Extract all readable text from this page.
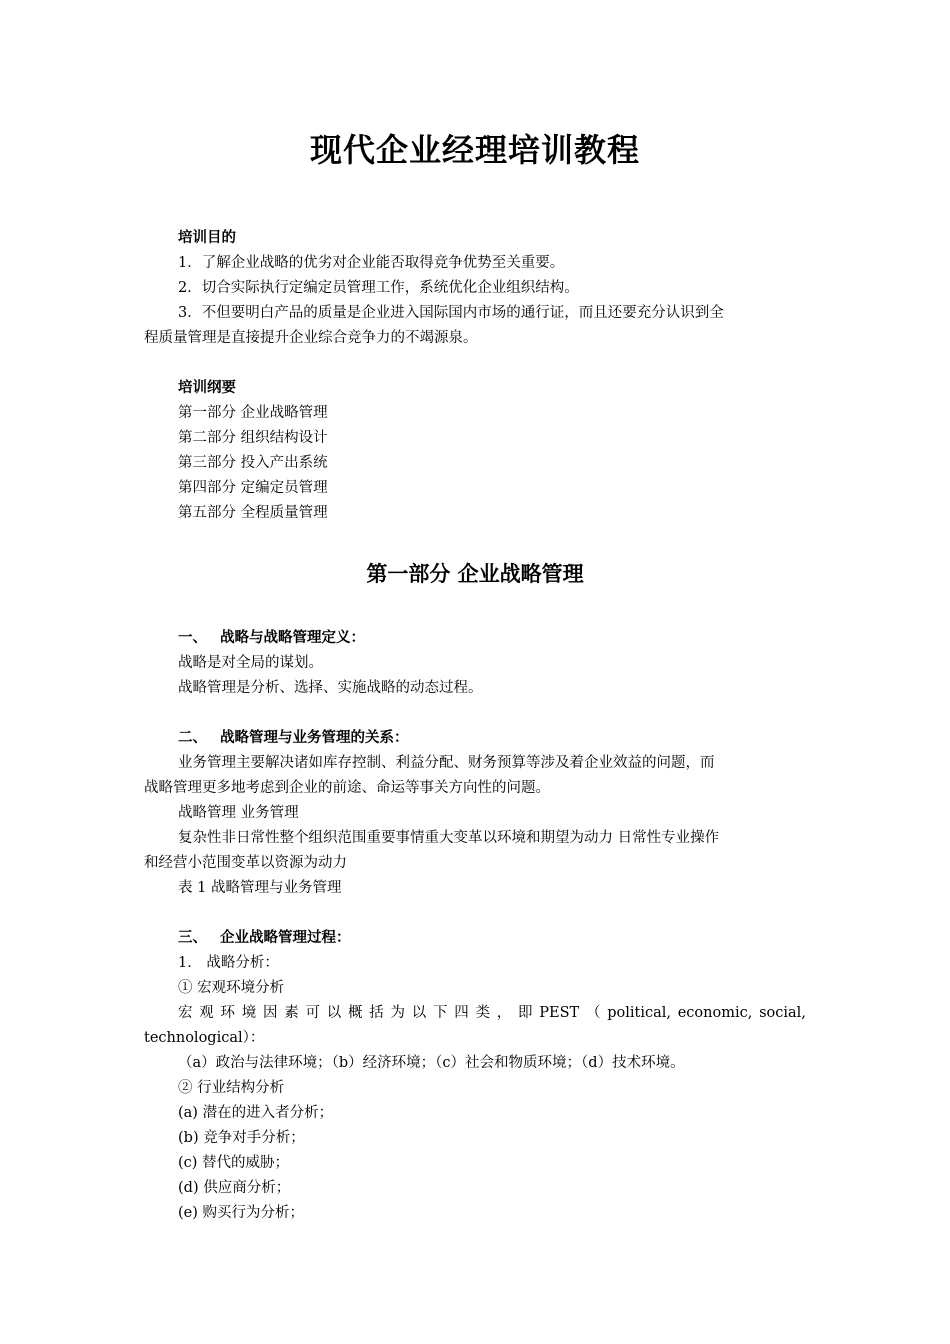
现代企业经理培训教程
培训目的
1．了解企业战略的优劣对企业能否取得竞争优势至关重要。
2．切合实际执行定编定员管理工作，系统优化企业组织结构。
3．不但要明白产品的质量是企业进入国际国内市场的通行证，而且还要充分认识到全
程质量管理是直接提升企业综合竞争力的不竭源泉。
培训纲要
第一部分 企业战略管理
第二部分 组织结构设计
第三部分 投入产出系统
第四部分 定编定员管理
第五部分 全程质量管理
第一部分 企业战略管理
一、 战略与战略管理定义：
战略是对全局的谋划。
战略管理是分析、选择、实施战略的动态过程。
二、 战略管理与业务管理的关系：
业务管理主要解决诸如库存控制、利益分配、财务预算等涉及着企业效益的问题，而
战略管理更多地考虑到企业的前途、命运等事关方向性的问题。
战略管理 业务管理
复杂性非日常性整个组织范围重要事情重大变革以环境和期望为动力 日常性专业操作
和经营小范围变革以资源为动力
表 1 战略管理与业务管理
三、 企业战略管理过程：
1． 战略分析：
① 宏观环境分析
宏 观 环 境 因 素 可 以 概 括 为 以 下 四 类 ， 即 PEST （ political, economic, social,
technological）：
（a）政治与法律环境；（b）经济环境；（c）社会和物质环境；（d）技术环境。
② 行业结构分析
(a) 潜在的进入者分析；
(b) 竞争对手分析；
(c) 替代的威胁；
(d) 供应商分析；
(e) 购买行为分析；
